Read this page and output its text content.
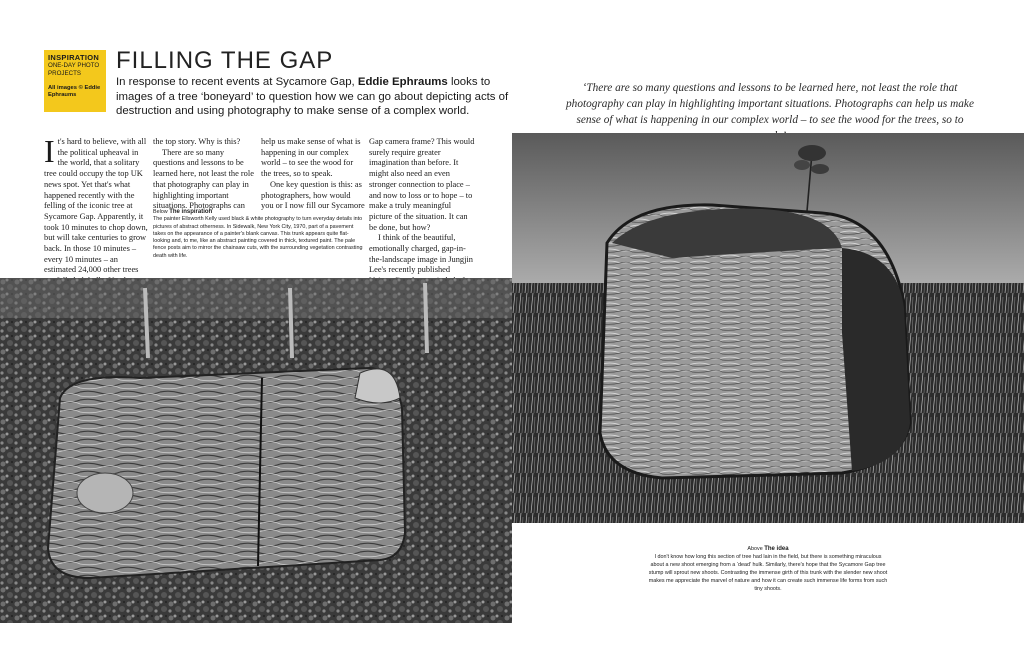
INSPIRATION
ONE-DAY PHOTO PROJECTS
All images © Eddie Ephraums
FILLING THE GAP
In response to recent events at Sycamore Gap, Eddie Ephraums looks to images of a tree ‘boneyard’ to question how we can go about depicting acts of destruction and using photography to make sense of a complex world.

It's hard to believe, with all the political upheaval in the world, that a solitary tree could occupy the top UK news spot. Yet that's what happened recently with the felling of the iconic tree at Sycamore Gap. Apparently, it took 10 minutes to chop down, but will take centuries to grow back. In those 10 minutes – every 10 minutes – an estimated 24,000 other trees

the top story. Why is this?

There are so many questions and lessons to be learned here, not least the role that photography can play in highlighting important situations. Photographs can

help us make sense of what is happening in our complex world – to see the wood for the trees, so to speak.

One key question is this: as photographers, how would you or I now fill our Sycamore

Gap camera frame? This would surely require greater imagination than before. It might also need an even stronger connection to place – and now to loss or to hope – to make a truly meaningful picture of the situation. It can be done, but how?

I think of the beautiful, emotionally charged, gap-in-the-landscape image in Jungjin Lee's recently published

Below The inspiration
The painter Ellsworth Kelly used black & white photography to turn everyday details into pictures of abstract otherness. In Sidewalk, New York City, 1970, part of a pavement takes on the appearance of a painter's blank canvas. This trunk appears quite flat-looking and, to me, like an abstract painting covered in thick, textured paint. The pale fence posts aim to mirror the chainsaw cuts, with the surrounding vegetation contrasting death with life.
‘There are so many questions and lessons to be learned here, not least the role that photography can play in highlighting important situations. Photographs can help us make sense of what is happening in our complex world – to see the wood for the trees, so to
Above The idea
I don't know how long this section of tree had lain in the field, but there is something miraculous about a new shoot emerging from a ‘dead’ hulk. Similarly, there's hope that the Sycamore Gap tree stump will sprout new shoots. Contrasting the immense girth of this trunk with the slender new shoot makes me appreciate the marvel of nature and how it can create such immense life forms from such tiny shoots.
